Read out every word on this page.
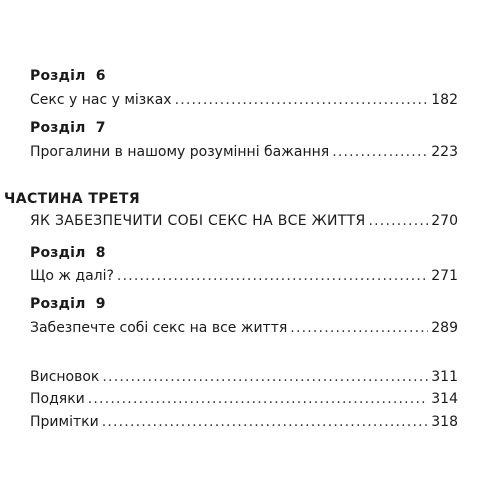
Розділ  6
Секс у нас у мізках .....	182
Розділ  7
Прогалини в нашому розумінні бажання .....	223
ЧАСТИНА ТРЕТЯ
ЯК ЗАБЕЗПЕЧИТИ СОБІ СЕКС НА ВСЕ ЖИТТЯ .....	270
Розділ  8
Що ж далі? .....	271
Розділ  9
Забезпечте собі секс на все життя .....	289
Висновок .....	311
Подяки .....	314
Примітки .....	318
